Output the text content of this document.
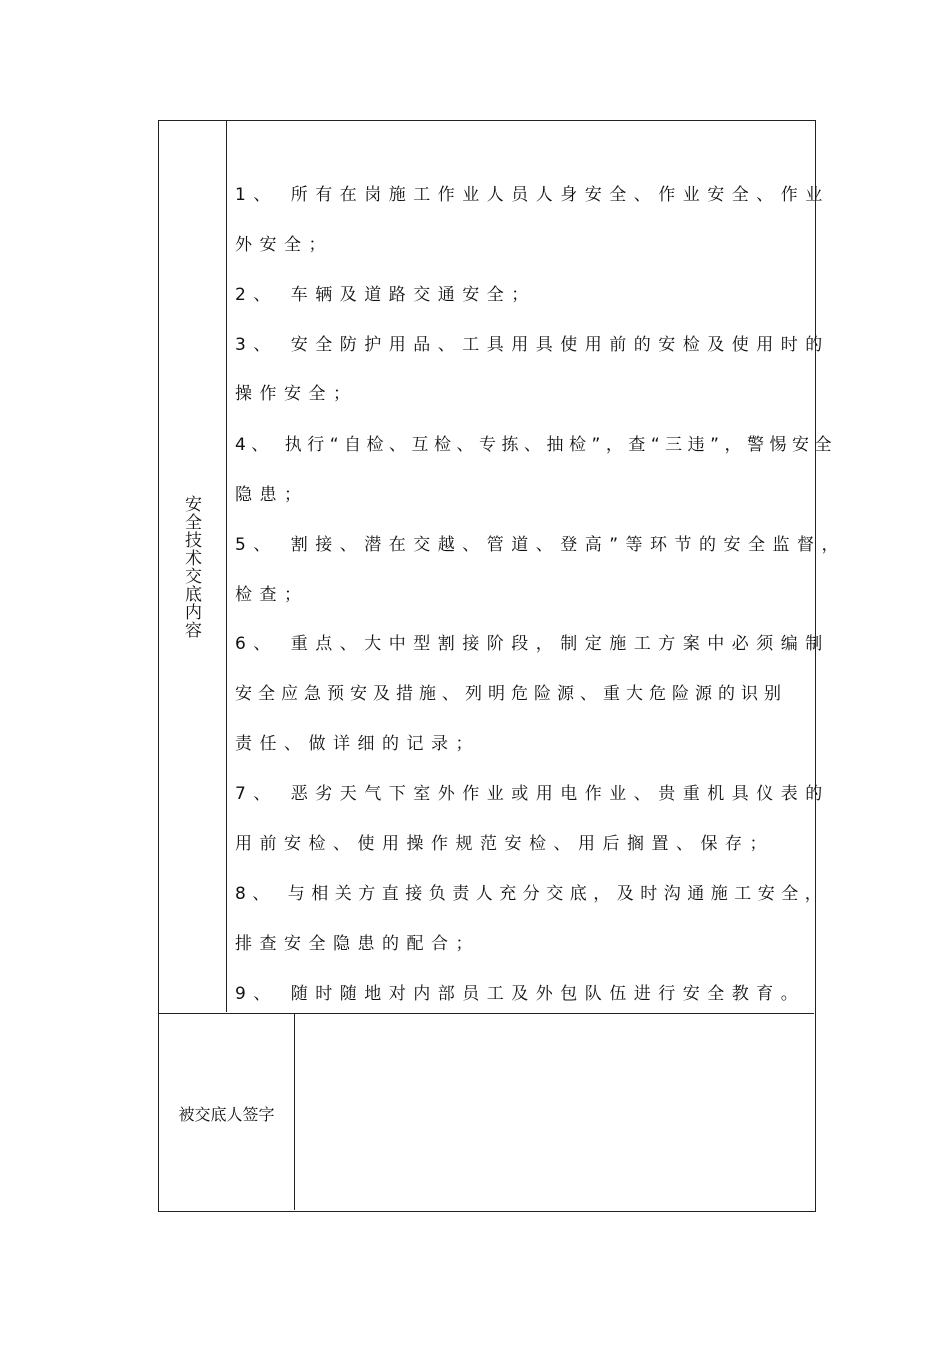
安全技术交底内容
1、 所有在岗施工作业人员人身安全、作业安全、作业
外安全；
2、 车辆及道路交通安全；
3、 安全防护用品、工具用具使用前的安检及使用时的
操作安全；
4、 执行“自检、互检、专拣、抽检”，查“三违”，警惕安全
隐患；
5、 割接、潜在交越、管道、登高”等环节的安全监督，
检查；
6、 重点、大中型割接阶段，制定施工方案中必须编制
安全应急预安及措施、列明危险源、重大危险源的识别
责任、做详细的记录；
7、 恶劣天气下室外作业或用电作业、贵重机具仪表的
用前安检、使用操作规范安检、用后搁置、保存；
8、 与相关方直接负责人充分交底，及时沟通施工安全，
排查安全隐患的配合；
9、 随时随地对内部员工及外包队伍进行安全教育。
被交底人签字
